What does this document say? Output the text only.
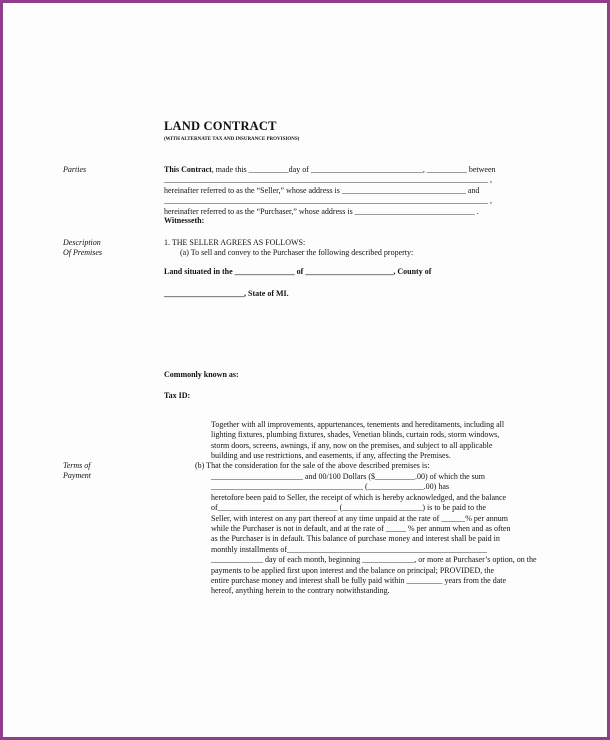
LAND CONTRACT
(WITH ALTERNATE TAX AND INSURANCE PROVISIONS)
Parties	This Contract, made this __________day of ____________________________, __________ between
_________________________________________________________________________________ ,
hereinafter referred to as the “Seller,” whose address is _______________________________ and
_________________________________________________________________________________ ,
hereinafter referred to as the “Purchaser,” whose address is ______________________________ .
Witnesseth:
Description
Of Premises
1. THE SELLER AGREES AS FOLLOWS:
(a) To sell and convey to the Purchaser the following described property:
Land situated in the _______________ of ______________________, County of
____________________, State of MI.
Commonly known as:
Tax ID:
Together with all improvements, appurtenances, tenements and hereditaments, including all
lighting fixtures, plumbing fixtures, shades, Venetian blinds, curtain rods, storm windows,
storm doors, screens, awnings, if any, now on the premises, and subject to all applicable
building and use restrictions, and easements, if any, affecting the Premises.
Terms of
Payment
(b) That the consideration for the sale of the above described premises is:
_______________________ and 00/100 Dollars ($__________.00) of which the sum
______________________________________ (______________.00) has
heretofore been paid to Seller, the receipt of which is hereby acknowledged, and the balance
of______________________________ (____________________) is to be paid to the
Seller, with interest on any part thereof at any time unpaid at the rate of ______% per annum
while the Purchaser is not in default, and at the rate of _____ % per annum when and as often
as the Purchaser is in default. This balance of purchase money and interest shall be paid in
monthly installments of__________________________________________________
_____________ day of each month, beginning _____________, or more at Purchaser’s option, on the
payments to be applied first upon interest and the balance on principal; PROVIDED, the
entire purchase money and interest shall be fully paid within _________ years from the date
hereof, anything herein to the contrary notwithstanding.
